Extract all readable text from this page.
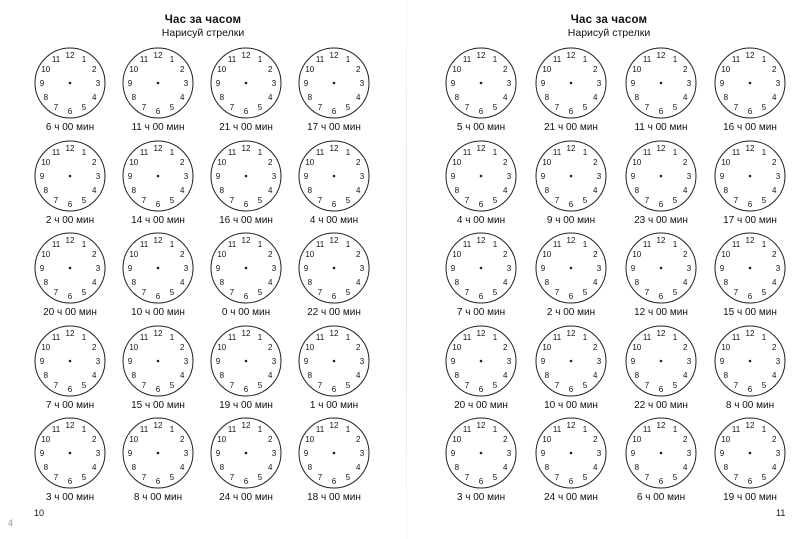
Час за часом
Нарисуй стрелки
12 1
2
3
4
5
6
7
8
9
10
11
6 ч 00 мин
12 1
2
3
4
5
6
7
8
9
10
11
11 ч 00 мин
12 1
2
3
4
5
6
7
8
9
10
11
21 ч 00 мин
12 1
2
3
4
5
6
7
8
9
10
11
17 ч 00 мин
12 1
2
3
4
5
6
7
8
9
10
11
2 ч 00 мин
12 1
2
3
4
5
6
7
8
9
10
11
14 ч 00 мин
12 1
2
3
4
5
6
7
8
9
10
11
16 ч 00 мин
12 1
2
3
4
5
6
7
8
9
10
11
4 ч 00 мин
12 1
2
3
4
5
6
7
8
9
10
11
20 ч 00 мин
12 1
2
3
4
5
6
7
8
9
10
11
10 ч 00 мин
12 1
2
3
4
5
6
7
8
9
10
11
0 ч 00 мин
12 1
2
3
4
5
6
7
8
9
10
11
22 ч 00 мин
12 1
2
3
4
5
6
7
8
9
10
11
7 ч 00 мин
12 1
2
3
4
5
6
7
8
9
10
11
15 ч 00 мин
12 1
2
3
4
5
6
7
8
9
10
11
19 ч 00 мин
12 1
2
3
4
5
6
7
8
9
10
11
1 ч 00 мин
12 1
2
3
4
5
6
7
8
9
10
11
3 ч 00 мин
12 1
2
3
4
5
6
7
8
9
10
11
8 ч 00 мин
12 1
2
3
4
5
6
7
8
9
10
11
24 ч 00 мин
12 1
2
3
4
5
6
7
8
9
10
11
18 ч 00 мин
10
4
Час за часом
Нарисуй стрелки
12 1
2
3
4
5
6
7
8
9
10
11
5 ч 00 мин
12 1
2
3
4
5
6
7
8
9
10
11
21 ч 00 мин
12 1
2
3
4
5
6
7
8
9
10
11
11 ч 00 мин
12 1
2
3
4
5
6
7
8
9
10
11
16 ч 00 мин
12 1
2
3
4
5
6
7
8
9
10
11
4 ч 00 мин
12 1
2
3
4
5
6
7
8
9
10
11
9 ч 00 мин
12 1
2
3
4
5
6
7
8
9
10
11
23 ч 00 мин
12 1
2
3
4
5
6
7
8
9
10
11
17 ч 00 мин
12 1
2
3
4
5
6
7
8
9
10
11
7 ч 00 мин
12 1
2
3
4
5
6
7
8
9
10
11
2 ч 00 мин
12 1
2
3
4
5
6
7
8
9
10
11
12 ч 00 мин
12 1
2
3
4
5
6
7
8
9
10
11
15 ч 00 мин
12 1
2
3
4
5
6
7
8
9
10
11
20 ч 00 мин
12 1
2
3
4
5
6
7
8
9
10
11
10 ч 00 мин
12 1
2
3
4
5
6
7
8
9
10
11
22 ч 00 мин
12 1
2
3
4
5
6
7
8
9
10
11
8 ч 00 мин
12 1
2
3
4
5
6
7
8
9
10
11
3 ч 00 мин
12 1
2
3
4
5
6
7
8
9
10
11
24 ч 00 мин
12 1
2
3
4
5
6
7
8
9
10
11
6 ч 00 мин
12 1
2
3
4
5
6
7
8
9
10
11
19 ч 00 мин
11
